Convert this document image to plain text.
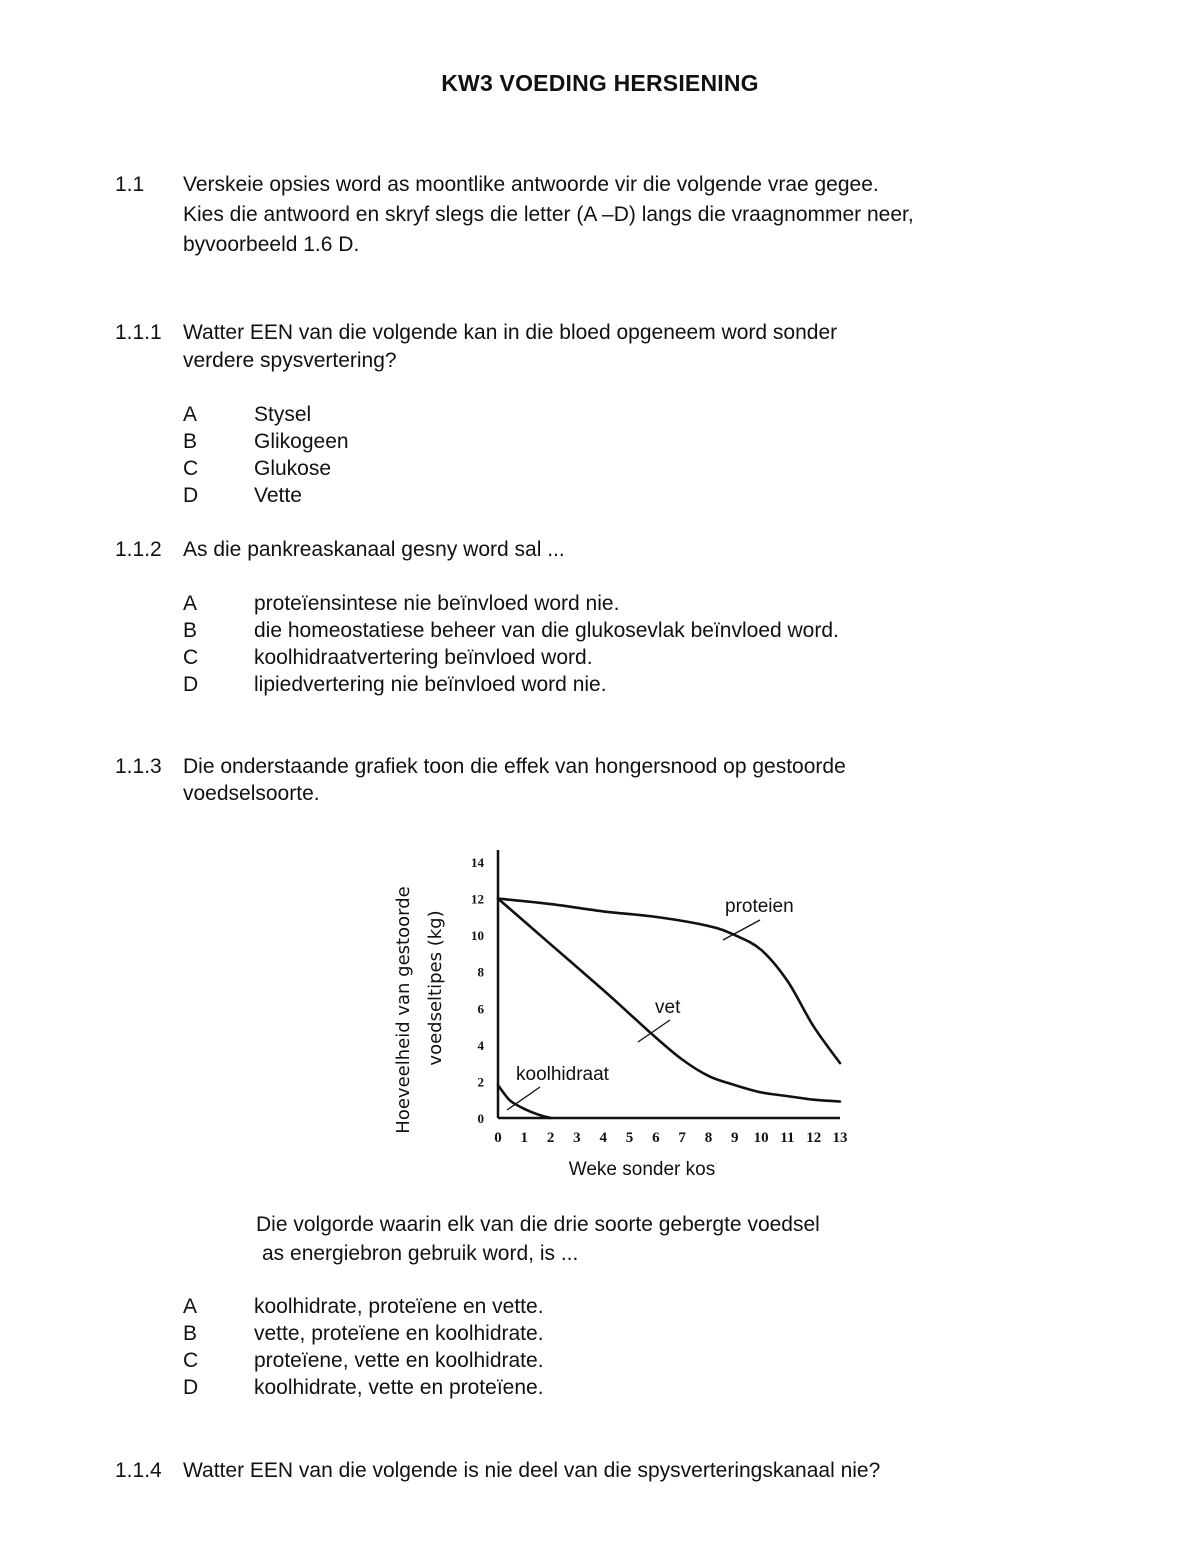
KW3 VOEDING HERSIENING
1.1 Verskeie opsies word as moontlike antwoorde vir die volgende vrae gegee.
Kies die antwoord en skryf slegs die letter (A –D) langs die vraagnommer neer,
byvoorbeeld 1.6 D.
1.1.1 Watter EEN van die volgende kan in die bloed opgeneem word sonder
verdere spysvertering?
A	Stysel
B	Glikogeen
C	Glukose
D	Vette
1.1.2 As die pankreaskanaal gesny word sal ...
A	proteïensintese nie beïnvloed word nie.
B	die homeostatiese beheer van die glukosevlak beïnvloed word.
C	koolhidraatvertering beïnvloed word.
D	lipiedvertering nie beïnvloed word nie.
1.1.3 Die onderstaande grafiek toon die effek van hongersnood op gestoorde
voedselsoorte.
Hoeveelheid van gestoorde voedseltipes (kg)
0
2
4
6
8
10
12
14
0 1 2 3 4 5 6 7 8 9 10 11 12 13
proteien
vet
koolhidraat
Weke sonder kos
Die volgorde waarin elk van die drie soorte gebergte voedsel
as energiebron gebruik word, is ...
A	koolhidrate, proteïene en vette.
B	vette, proteïene en koolhidrate.
C	proteïene, vette en koolhidrate.
D	koolhidrate, vette en proteïene.
1.1.4 Watter EEN van die volgende is nie deel van die spysverteringskanaal nie?
